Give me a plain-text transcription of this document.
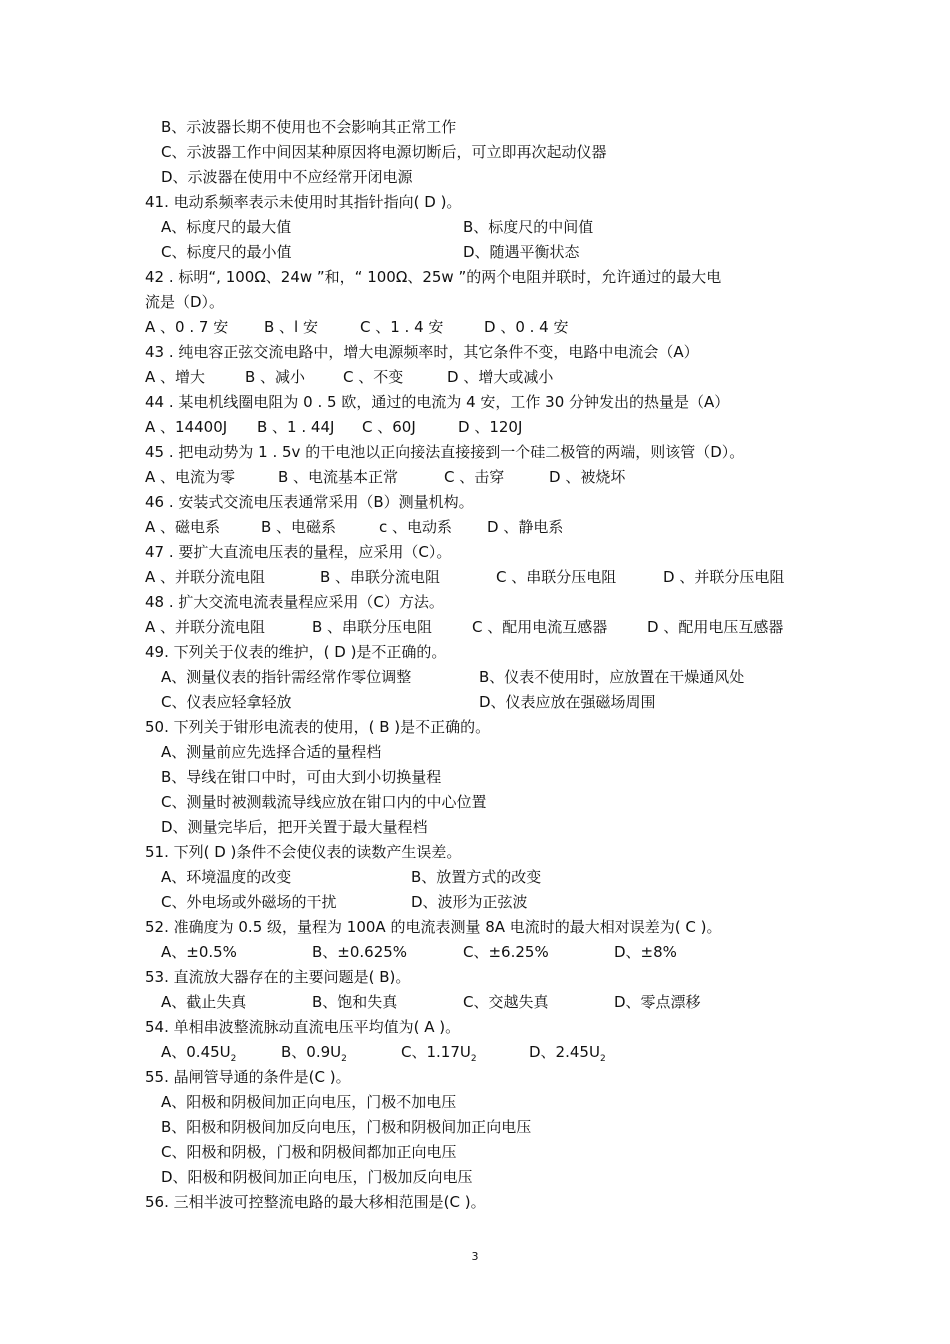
B、示波器长期不使用也不会影响其正常工作
C、示波器工作中间因某种原因将电源切断后，可立即再次起动仪器
D、示波器在使用中不应经常开闭电源
41. 电动系频率表示未使用时其指针指向( D )。
A、标度尺的最大值	B、标度尺的中间值
C、标度尺的最小值	D、随遇平衡状态
42 . 标明“, 100Ω、24w ”和，“ 100Ω、25w ”的两个电阻并联时，允许通过的最大电
流是（D）。
A 、0 . 7 安 B 、l 安	C 、1 . 4 安	D 、0 . 4 安
43 . 纯电容正弦交流电路中，增大电源频率时，其它条件不变，电路中电流会（A）
A 、增大	B 、减小	C 、不变	D 、增大或减小
44 . 某电机线圈电阻为 0 . 5 欧，通过的电流为 4 安，工作 30 分钟发出的热量是（A）
A 、14400J B 、1 . 44J C 、60J	D 、120J
45 . 把电动势为 1 . 5v 的干电池以正向接法直接接到一个硅二极管的两端，则该管（D）。
A 、电流为零	B 、电流基本正常	C 、击穿	D 、被烧坏
46 . 安装式交流电压表通常采用（B）测量机构。
A 、磁电系	B 、电磁系	c 、电动系 D 、静电系
47 . 要扩大直流电压表的量程，应采用（C）。
A 、并联分流电阻	B 、串联分流电阻	C 、串联分压电阻	D 、并联分压电阻
48 . 扩大交流电流表量程应采用（C）方法。
A 、并联分流电阻	B 、串联分压电阻	C 、配用电流互感器	D 、配用电压互感器
49. 下列关于仪表的维护，( D )是不正确的。
A、测量仪表的指针需经常作零位调整	B、仪表不使用时，应放置在干燥通风处
C、仪表应轻拿轻放	D、仪表应放在强磁场周围
50. 下列关于钳形电流表的使用，( B )是不正确的。
A、测量前应先选择合适的量程档
B、导线在钳口中时，可由大到小切换量程
C、测量时被测载流导线应放在钳口内的中心位置
D、测量完毕后，把开关置于最大量程档
51. 下列( D )条件不会使仪表的读数产生误差。
A、环境温度的改变	B、放置方式的改变
C、外电场或外磁场的干扰	D、波形为正弦波
52. 准确度为 0.5 级，量程为 100A 的电流表测量 8A 电流时的最大相对误差为( C )。
A、±0.5%	B、±0.625%	C、±6.25%	D、±8%
53. 直流放大器存在的主要问题是( B)。
A、截止失真	B、饱和失真	C、交越失真	D、零点漂移
54. 单相串波整流脉动直流电压平均值为( A )。
A、$0.45U_2$	B、$0.9U_2$	C、$1.17U_2$	D、$2.45U_2$
55. 晶闸管导通的条件是(C )。
A、阳极和阴极间加正向电压，门极不加电压
B、阳极和阴极间加反向电压，门极和阴极间加正向电压
C、阳极和阴极，门极和阴极间都加正向电压
D、阳极和阴极间加正向电压，门极加反向电压
56. 三相半波可控整流电路的最大移相范围是(C )。
3
